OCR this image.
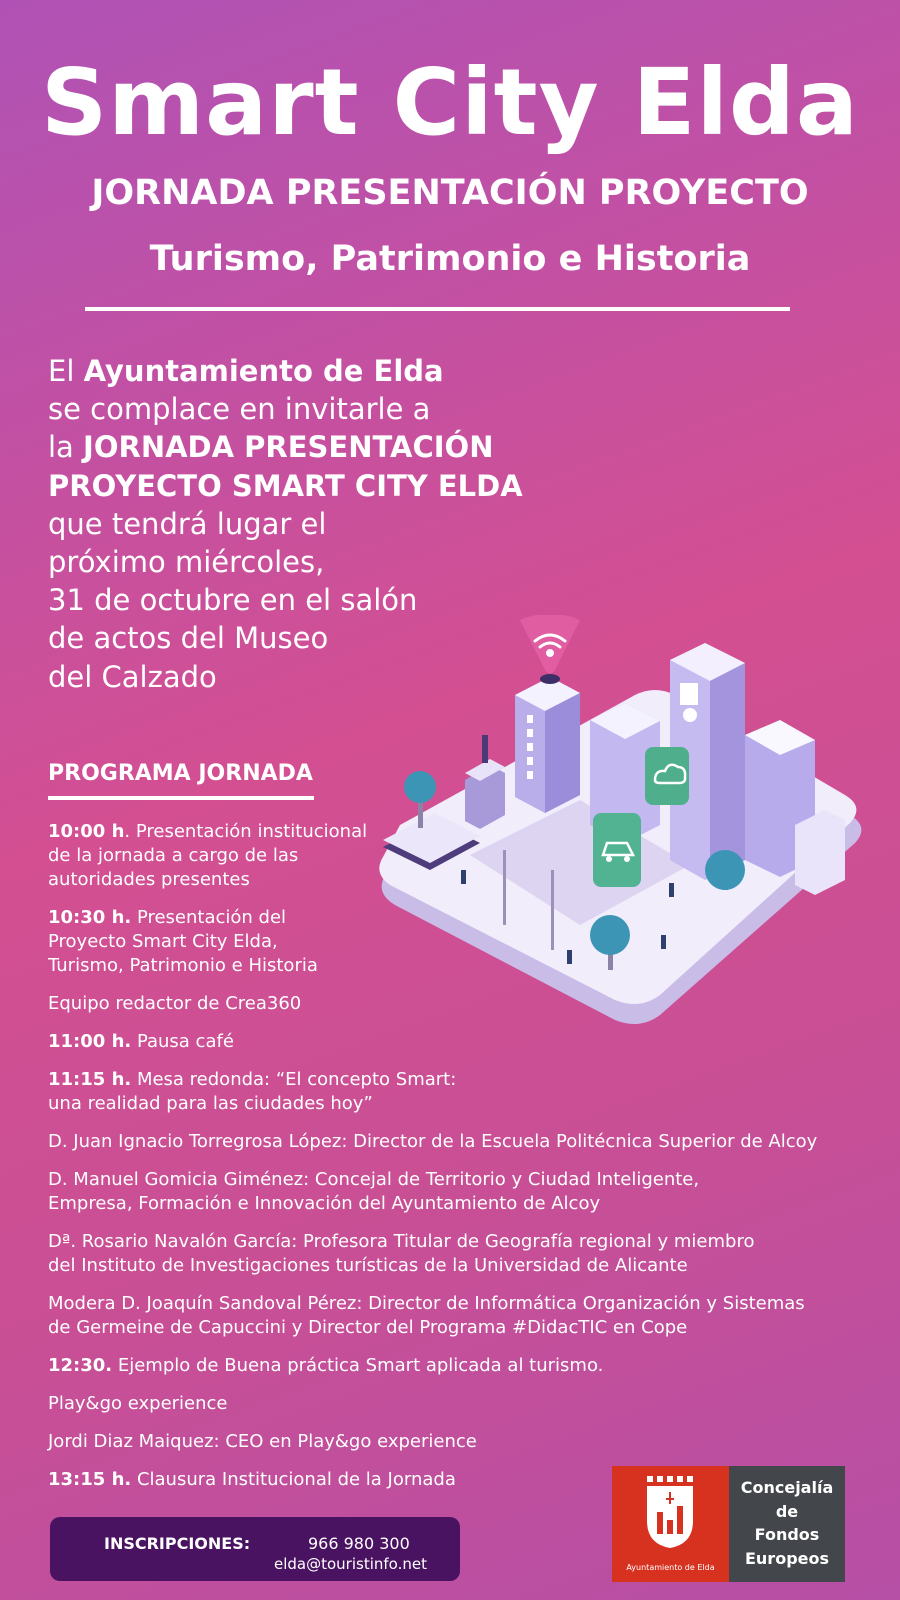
Smart City Elda
JORNADA PRESENTACIÓN PROYECTO
Turismo, Patrimonio e Historia
El Ayuntamiento de Elda
se complace en invitarle a
la JORNADA PRESENTACIÓN
PROYECTO SMART CITY ELDA
que tendrá lugar el
próximo miércoles,
31 de octubre en el salón
de actos del Museo
del Calzado
PROGRAMA JORNADA
10:00 h. Presentación institucional
de la jornada a cargo de las
autoridades presentes
10:30 h. Presentación del
Proyecto Smart City Elda,
Turismo, Patrimonio e Historia
Equipo redactor de Crea360
11:00 h. Pausa café
11:15 h. Mesa redonda: “El concepto Smart:
una realidad para las ciudades hoy”
D. Juan Ignacio Torregrosa López: Director de la Escuela Politécnica Superior de Alcoy
D. Manuel Gomicia Giménez: Concejal de Territorio y Ciudad Inteligente,
Empresa, Formación e Innovación del Ayuntamiento de Alcoy
Dª. Rosario Navalón García: Profesora Titular de Geografía regional y miembro
del Instituto de Investigaciones turísticas de la Universidad de Alicante
Modera D. Joaquín Sandoval Pérez: Director de Informática Organización y Sistemas
de Germeine de Capuccini y Director del Programa #DidacTIC en Cope
12:30. Ejemplo de Buena práctica Smart aplicada al turismo.
Play&go experience
Jordi Diaz Maiquez: CEO en Play&go experience
13:15 h. Clausura Institucional de la Jornada
INSCRIPCIONES:	966 980 300
elda@touristinfo.net	Ayuntamiento de Elda
Concejalía
de
Fondos
Europeos
